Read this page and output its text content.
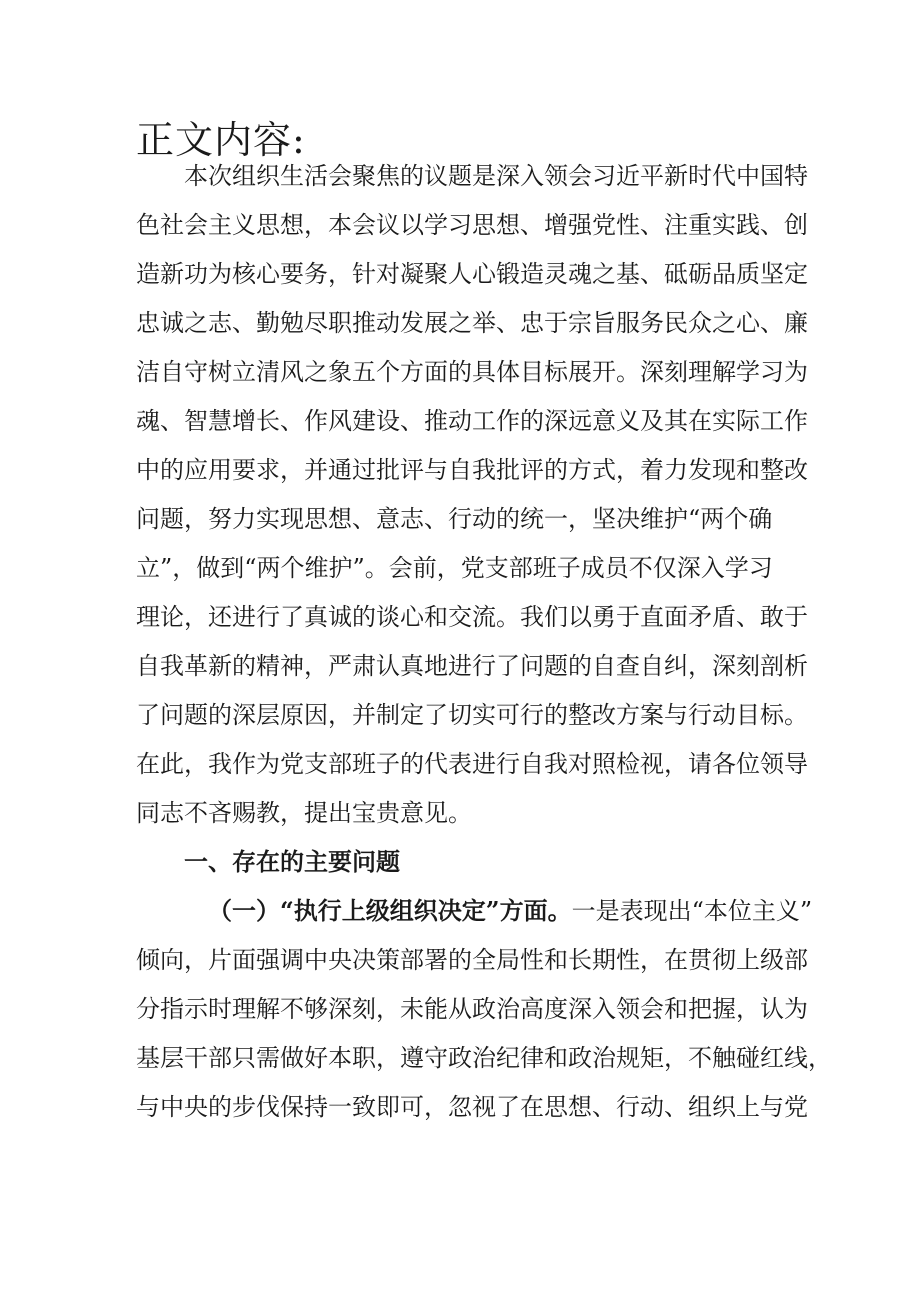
正文内容:

本次组织生活会聚焦的议题是深入领会习近平新时代中国特

色社会主义思想，本会议以学习思想、增强党性、注重实践、创

造新功为核心要务，针对凝聚人心锻造灵魂之基、砥砺品质坚定

忠诚之志、勤勉尽职推动发展之举、忠于宗旨服务民众之心、廉

洁自守树立清风之象五个方面的具体目标展开。深刻理解学习为

魂、智慧增长、作风建设、推动工作的深远意义及其在实际工作

中的应用要求，并通过批评与自我批评的方式，着力发现和整改

问题，努力实现思想、意志、行动的统一，坚决维护“两个确

立”，做到“两个维护”。会前，党支部班子成员不仅深入学习

理论，还进行了真诚的谈心和交流。我们以勇于直面矛盾、敢于

自我革新的精神，严肃认真地进行了问题的自查自纠，深刻剖析

了问题的深层原因，并制定了切实可行的整改方案与行动目标。

在此，我作为党支部班子的代表进行自我对照检视，请各位领导

同志不吝赐教，提出宝贵意见。

一、存在的主要问题

（一）“执行上级组织决定”方面。一是表现出“本位主义”

倾向，片面强调中央决策部署的全局性和长期性，在贯彻上级部

分指示时理解不够深刻，未能从政治高度深入领会和把握，认为

基层干部只需做好本职，遵守政治纪律和政治规矩，不触碰红线，

与中央的步伐保持一致即可，忽视了在思想、行动、组织上与党
